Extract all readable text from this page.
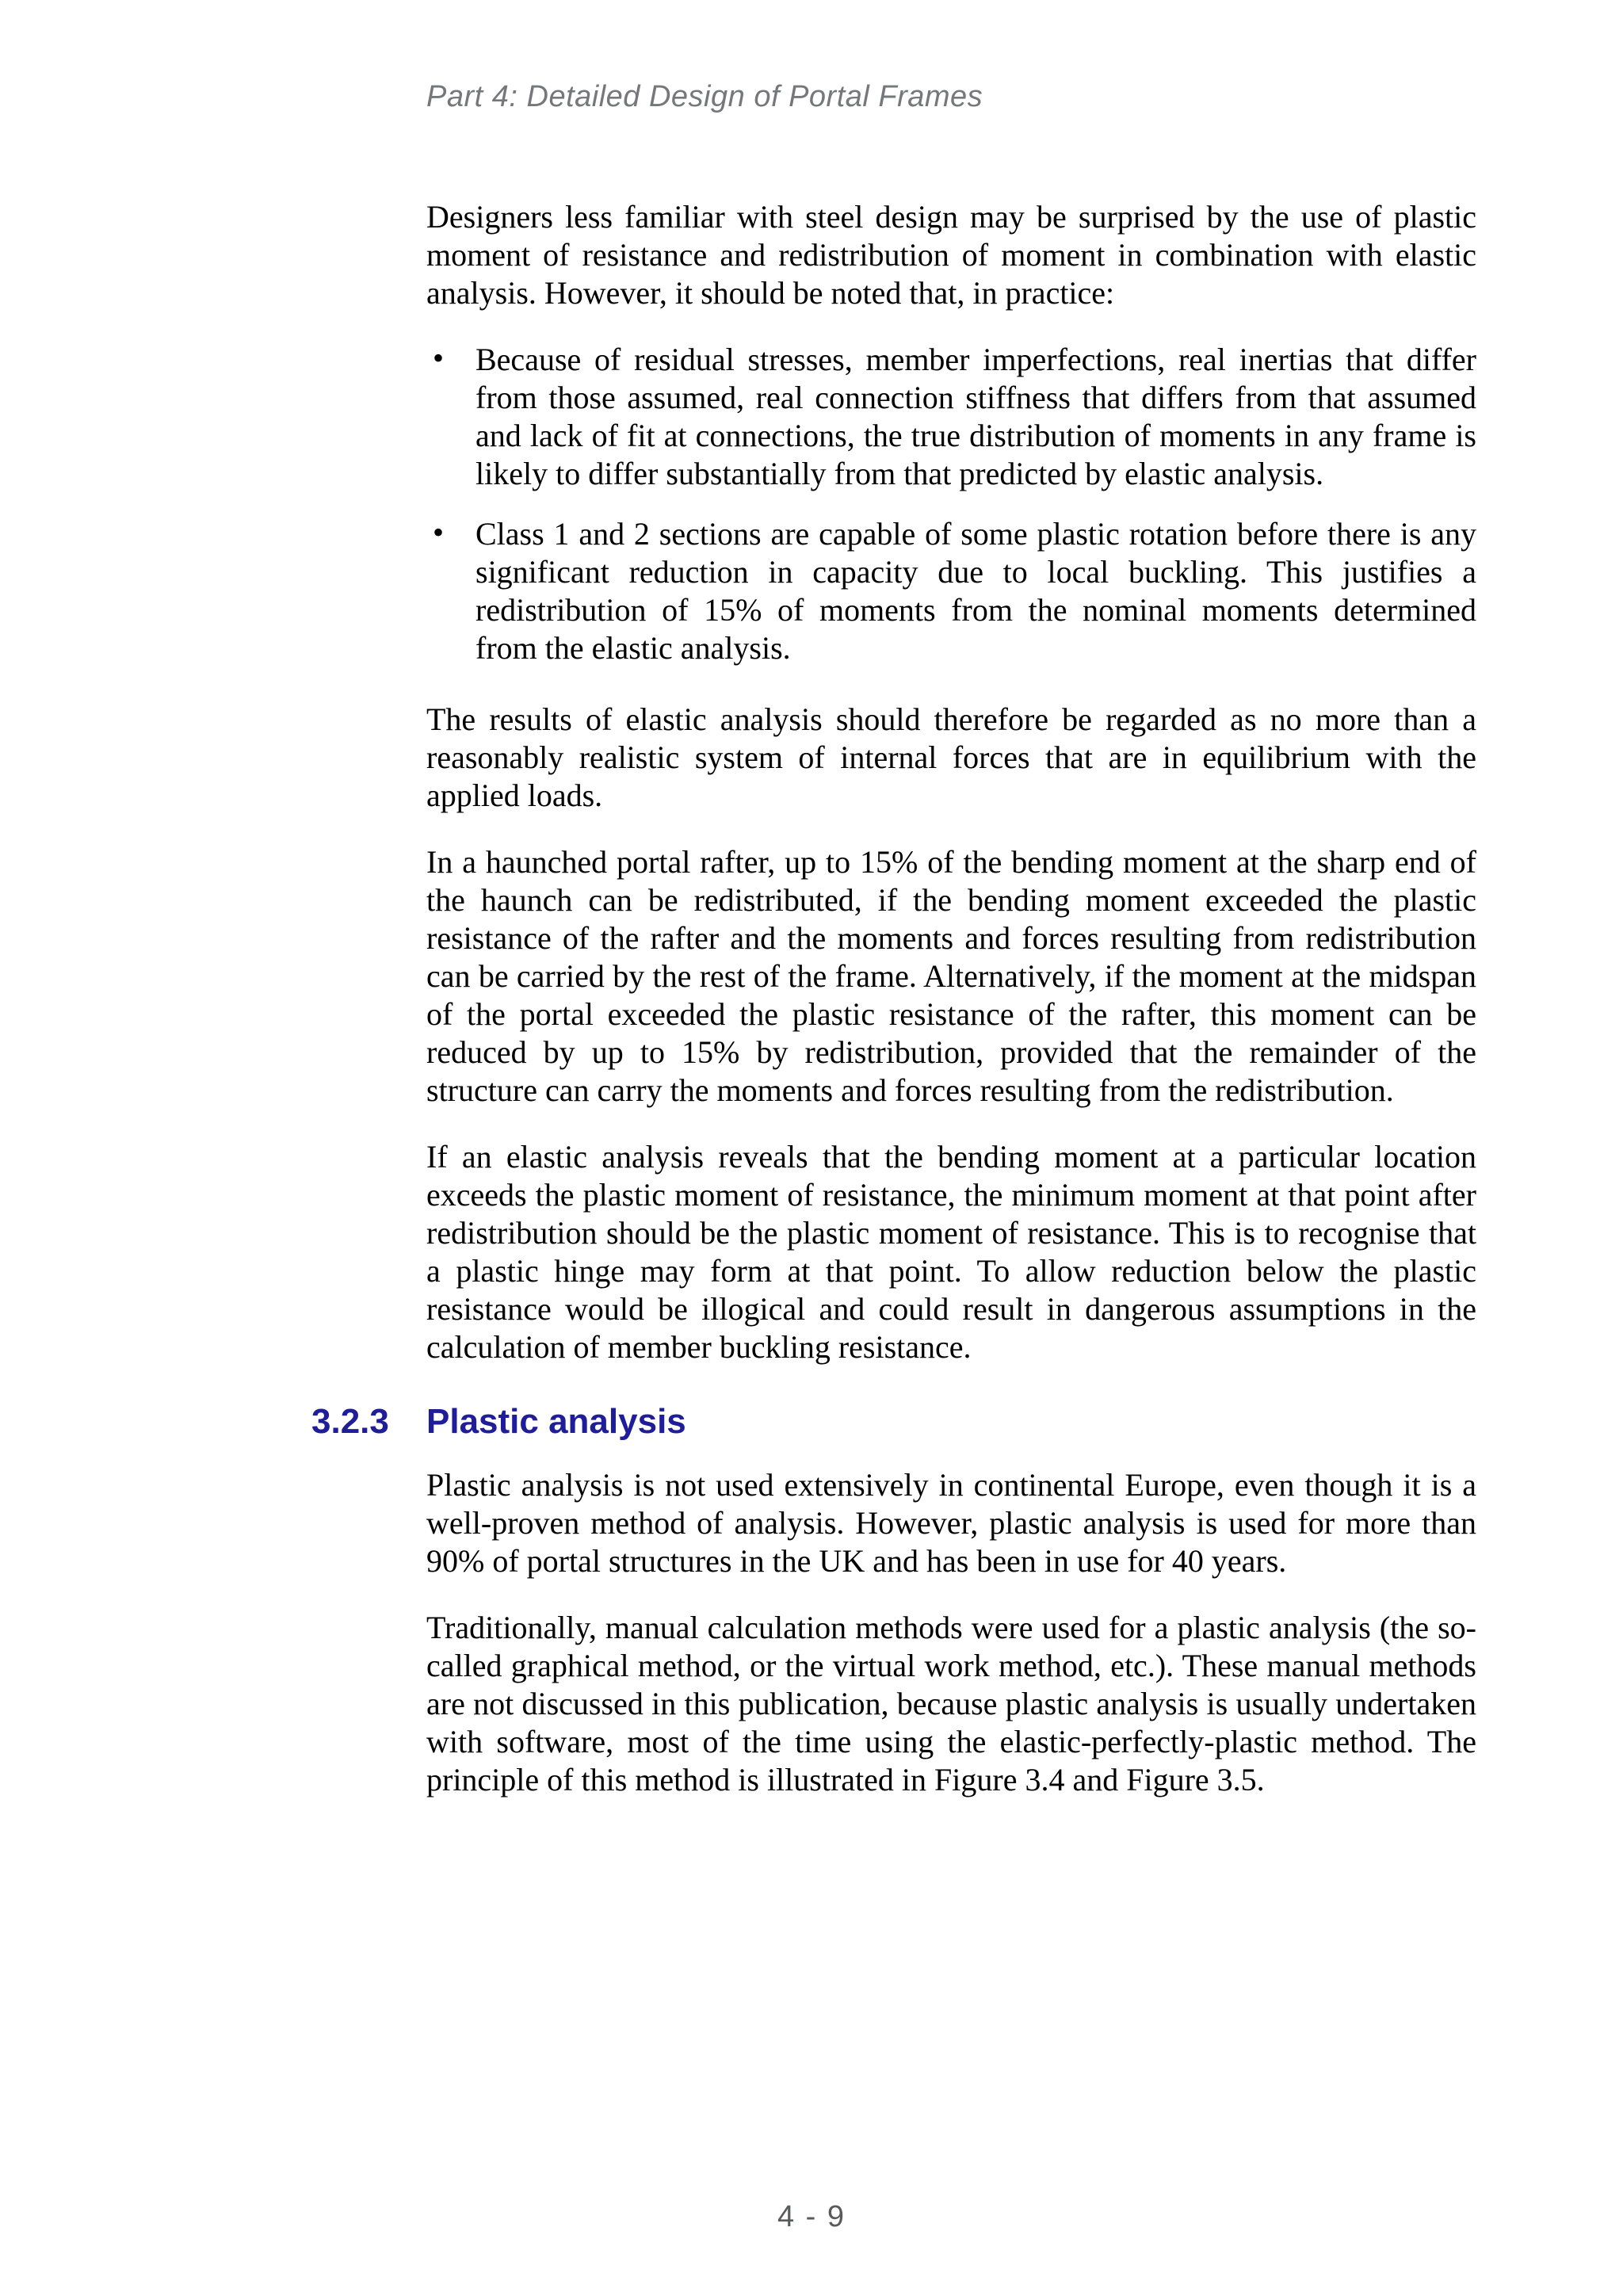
Part 4: Detailed Design of Portal Frames

Designers less familiar with steel design may be surprised by the use of plastic moment of resistance and redistribution of moment in combination with elastic analysis. However, it should be noted that, in practice:

• Because of residual stresses, member imperfections, real inertias that differ from those assumed, real connection stiffness that differs from that assumed and lack of fit at connections, the true distribution of moments in any frame is likely to differ substantially from that predicted by elastic analysis.
• Class 1 and 2 sections are capable of some plastic rotation before there is any significant reduction in capacity due to local buckling. This justifies a redistribution of 15% of moments from the nominal moments determined from the elastic analysis.

The results of elastic analysis should therefore be regarded as no more than a reasonably realistic system of internal forces that are in equilibrium with the applied loads.

In a haunched portal rafter, up to 15% of the bending moment at the sharp end of the haunch can be redistributed, if the bending moment exceeded the plastic resistance of the rafter and the moments and forces resulting from redistribution can be carried by the rest of the frame. Alternatively, if the moment at the midspan of the portal exceeded the plastic resistance of the rafter, this moment can be reduced by up to 15% by redistribution, provided that the remainder of the structure can carry the moments and forces resulting from the redistribution.

If an elastic analysis reveals that the bending moment at a particular location exceeds the plastic moment of resistance, the minimum moment at that point after redistribution should be the plastic moment of resistance. This is to recognise that a plastic hinge may form at that point. To allow reduction below the plastic resistance would be illogical and could result in dangerous assumptions in the calculation of member buckling resistance.

3.2.3 Plastic analysis

Plastic analysis is not used extensively in continental Europe, even though it is a well-proven method of analysis. However, plastic analysis is used for more than 90% of portal structures in the UK and has been in use for 40 years.

Traditionally, manual calculation methods were used for a plastic analysis (the so-called graphical method, or the virtual work method, etc.). These manual methods are not discussed in this publication, because plastic analysis is usually undertaken with software, most of the time using the elastic-perfectly-plastic method. The principle of this method is illustrated in Figure 3.4 and Figure 3.5.

4 - 9
